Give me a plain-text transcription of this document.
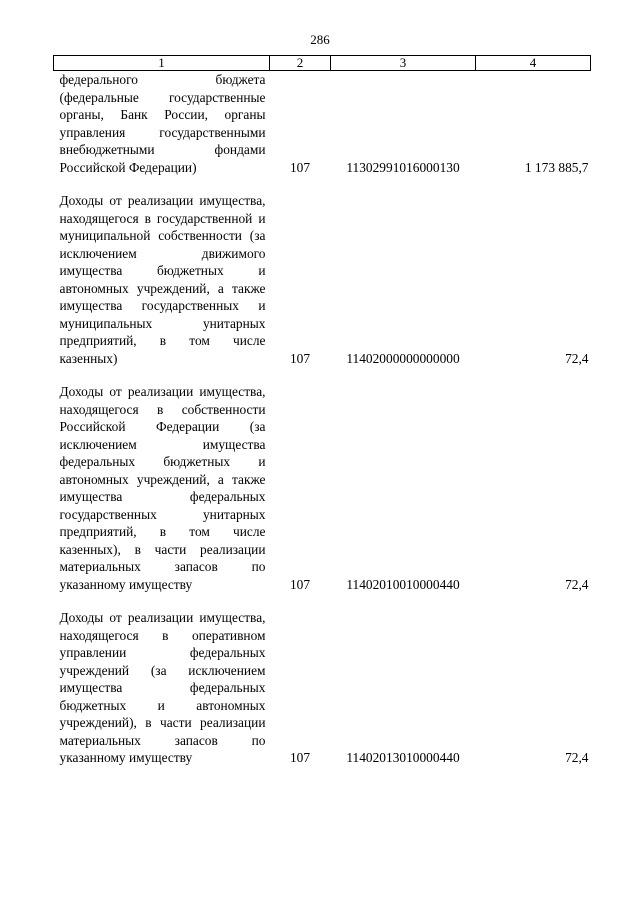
286
1	2	3	4
федерального бюджета (федеральные государственные органы, Банк России, органы управления государственными внебюджетными фондами Российской Федерации)	107	11302991016000130	1 173 885,7

Доходы от реализации имущества, находящегося в государственной и муниципальной собственности (за исключением движимого имущества бюджетных и автономных учреждений, а также имущества государственных и муниципальных унитарных предприятий, в том числе казенных)	107	11402000000000000	72,4

Доходы от реализации имущества, находящегося в собственности Российской Федерации (за исключением имущества федеральных бюджетных и автономных учреждений, а также имущества федеральных государственных унитарных предприятий, в том числе казенных), в части реализации материальных запасов по указанному имуществу	107	11402010010000440	72,4

Доходы от реализации имущества, находящегося в оперативном управлении федеральных учреждений (за исключением имущества федеральных бюджетных и автономных учреждений), в части реализации материальных запасов по указанному имуществу	107	11402013010000440	72,4
